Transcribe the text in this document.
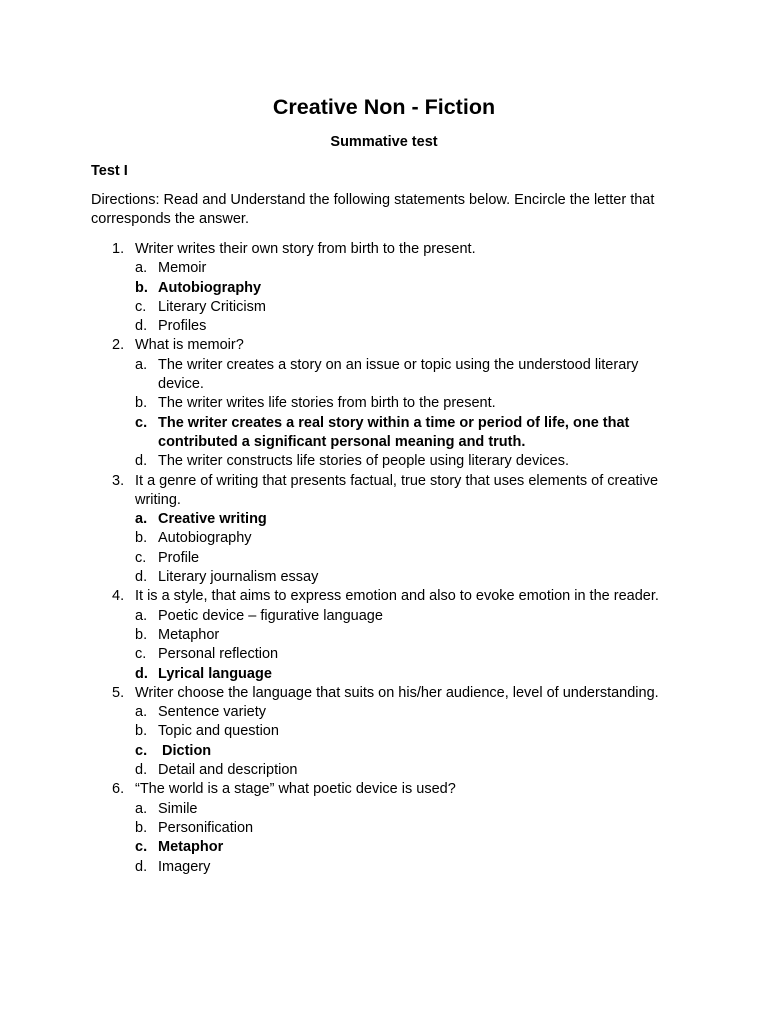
Creative Non - Fiction
Summative test
Test I
Directions: Read and Understand the following statements below. Encircle the letter that corresponds the answer.
1. Writer writes their own story from birth to the present.
a. Memoir
b. Autobiography
c. Literary Criticism
d. Profiles
2. What is memoir?
a. The writer creates a story on an issue or topic using the understood literary device.
b. The writer writes life stories from birth to the present.
c. The writer creates a real story within a time or period of life, one that contributed a significant personal meaning and truth.
d. The writer constructs life stories of people using literary devices.
3. It a genre of writing that presents factual, true story that uses elements of creative writing.
a. Creative writing
b. Autobiography
c. Profile
d. Literary journalism essay
4. It is a style, that aims to express emotion and also to evoke emotion in the reader.
a. Poetic device – figurative language
b. Metaphor
c. Personal reflection
d. Lyrical language
5. Writer choose the language that suits on his/her audience, level of understanding.
a. Sentence variety
b. Topic and question
c. Diction
d. Detail and description
6. “The world is a stage” what poetic device is used?
a. Simile
b. Personification
c. Metaphor
d. Imagery
